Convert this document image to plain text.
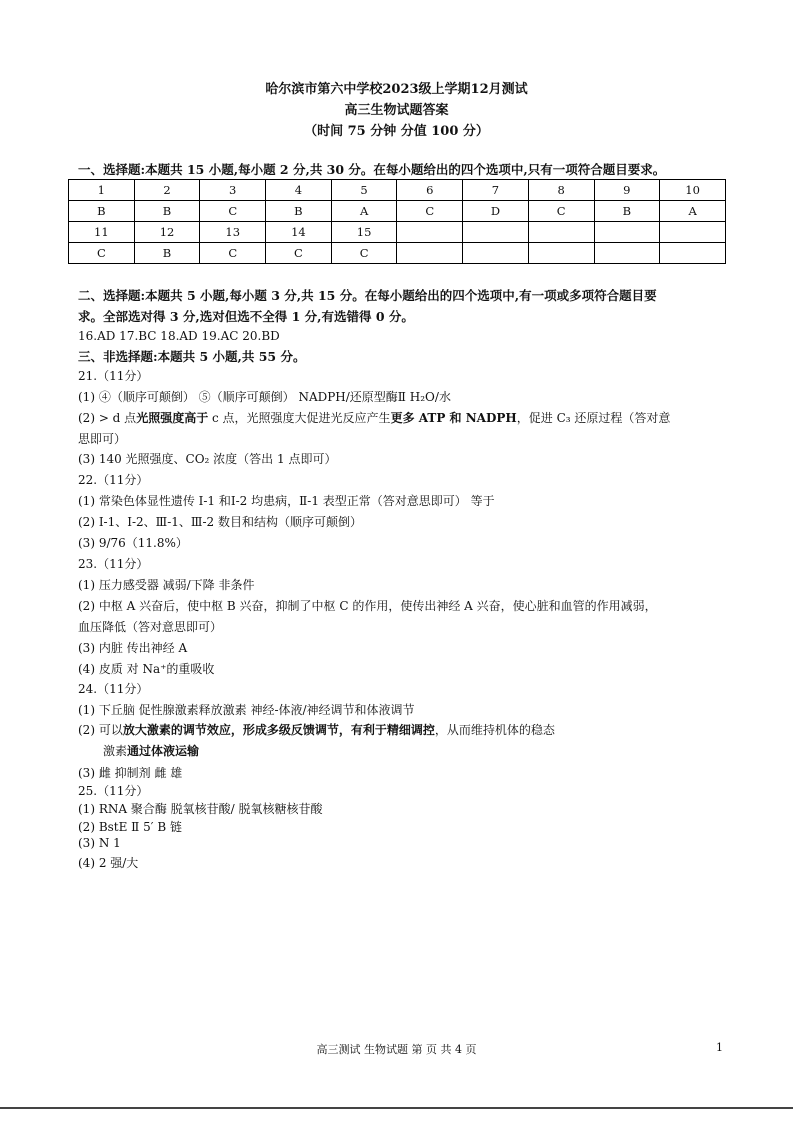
哈尔滨市第六中学校2023级上学期12月测试
高三生物试题答案
（时间 75 分钟 分值 100 分）
一、选择题:本题共 15 小题,每小题 2 分,共 30 分。在每小题给出的四个选项中,只有一项符合题目要求。
1	2	3	4	5	6	7	8	9	10
B	B	C	B	A	C	D	C	B	A
11	12	13	14	15					
C	B	C	C	C					
二、选择题:本题共 5 小题,每小题 3 分,共 15 分。在每小题给出的四个选项中,有一项或多项符合题目要
求。全部选对得 3 分,选对但选不全得 1 分,有选错得 0 分。
16.AD 17.BC 18.AD 19.AC 20.BD
三、非选择题:本题共 5 小题,共 55 分。
21.（11分）
(1) ④（顺序可颠倒） ⑤（顺序可颠倒） NADPH/还原型酶Ⅱ H₂O/水
(2) > d 点光照强度高于 c 点，光照强度大促进光反应产生更多 ATP 和 NADPH，促进 C₃ 还原过程（答对意
思即可）
(3) 140 光照强度、CO₂ 浓度（答出 1 点即可）
22.（11分）
(1) 常染色体显性遗传 Ⅰ-1 和Ⅰ-2 均患病，Ⅱ-1 表型正常（答对意思即可） 等于
(2) Ⅰ-1、Ⅰ-2、Ⅲ-1、Ⅲ-2 数目和结构（顺序可颠倒）
(3) 9/76（11.8%）
23.（11分）
(1) 压力感受器 减弱/下降 非条件
(2) 中枢 A 兴奋后，使中枢 B 兴奋，抑制了中枢 C 的作用，使传出神经 A 兴奋，使心脏和血管的作用减弱，
血压降低（答对意思即可）
(3) 内脏 传出神经 A
(4) 皮质 对 Na⁺的重吸收
24.（11分）
(1) 下丘脑 促性腺激素释放激素 神经-体液/神经调节和体液调节
(2) 可以放大激素的调节效应，形成多级反馈调节，有利于精细调控，从而维持机体的稳态
激素通过体液运输
(3) 雌 抑制剂 雌 雄
25.（11分）
(1) RNA 聚合酶 脱氧核苷酸/ 脱氧核糖核苷酸
(2) BstE Ⅱ 5′ B 链
(3) N 1
(4) 2 强/大
高三测试 生物试题 第 页 共 4 页	1
